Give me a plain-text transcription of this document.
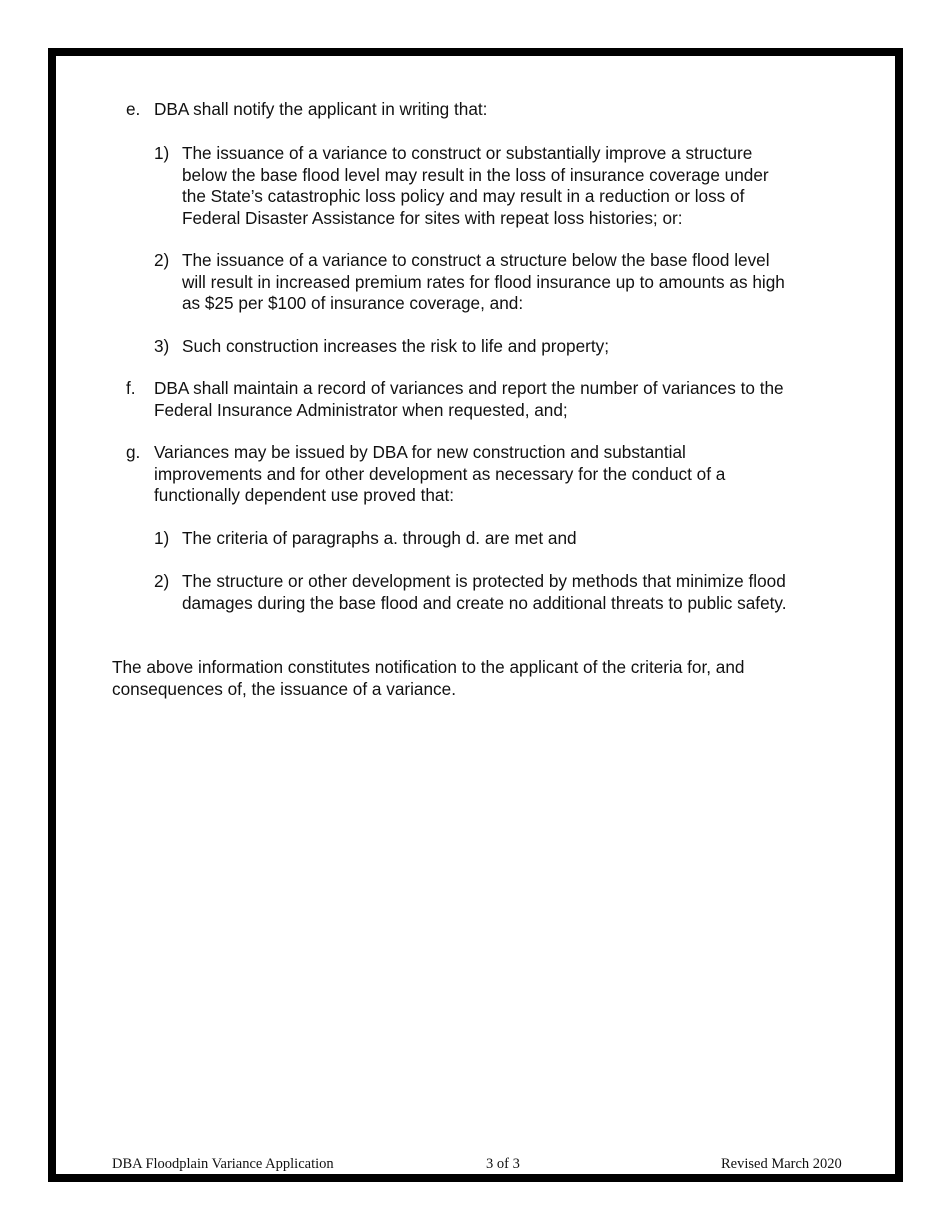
e. DBA shall notify the applicant in writing that:
1) The issuance of a variance to construct or substantially improve a structure
below the base flood level may result in the loss of insurance coverage under
the State’s catastrophic loss policy and may result in a reduction or loss of
Federal Disaster Assistance for sites with repeat loss histories; or:
2) The issuance of a variance to construct a structure below the base flood level
will result in increased premium rates for flood insurance up to amounts as high
as $25 per $100 of insurance coverage, and:
3) Such construction increases the risk to life and property;
f. DBA shall maintain a record of variances and report the number of variances to the
Federal Insurance Administrator when requested, and;
g. Variances may be issued by DBA for new construction and substantial
improvements and for other development as necessary for the conduct of a
functionally dependent use proved that:
1) The criteria of paragraphs a. through d. are met and
2) The structure or other development is protected by methods that minimize flood
damages during the base flood and create no additional threats to public safety.
The above information constitutes notification to the applicant of the criteria for, and
consequences of, the issuance of a variance.
DBA Floodplain Variance Application	3 of 3	Revised March 2020
